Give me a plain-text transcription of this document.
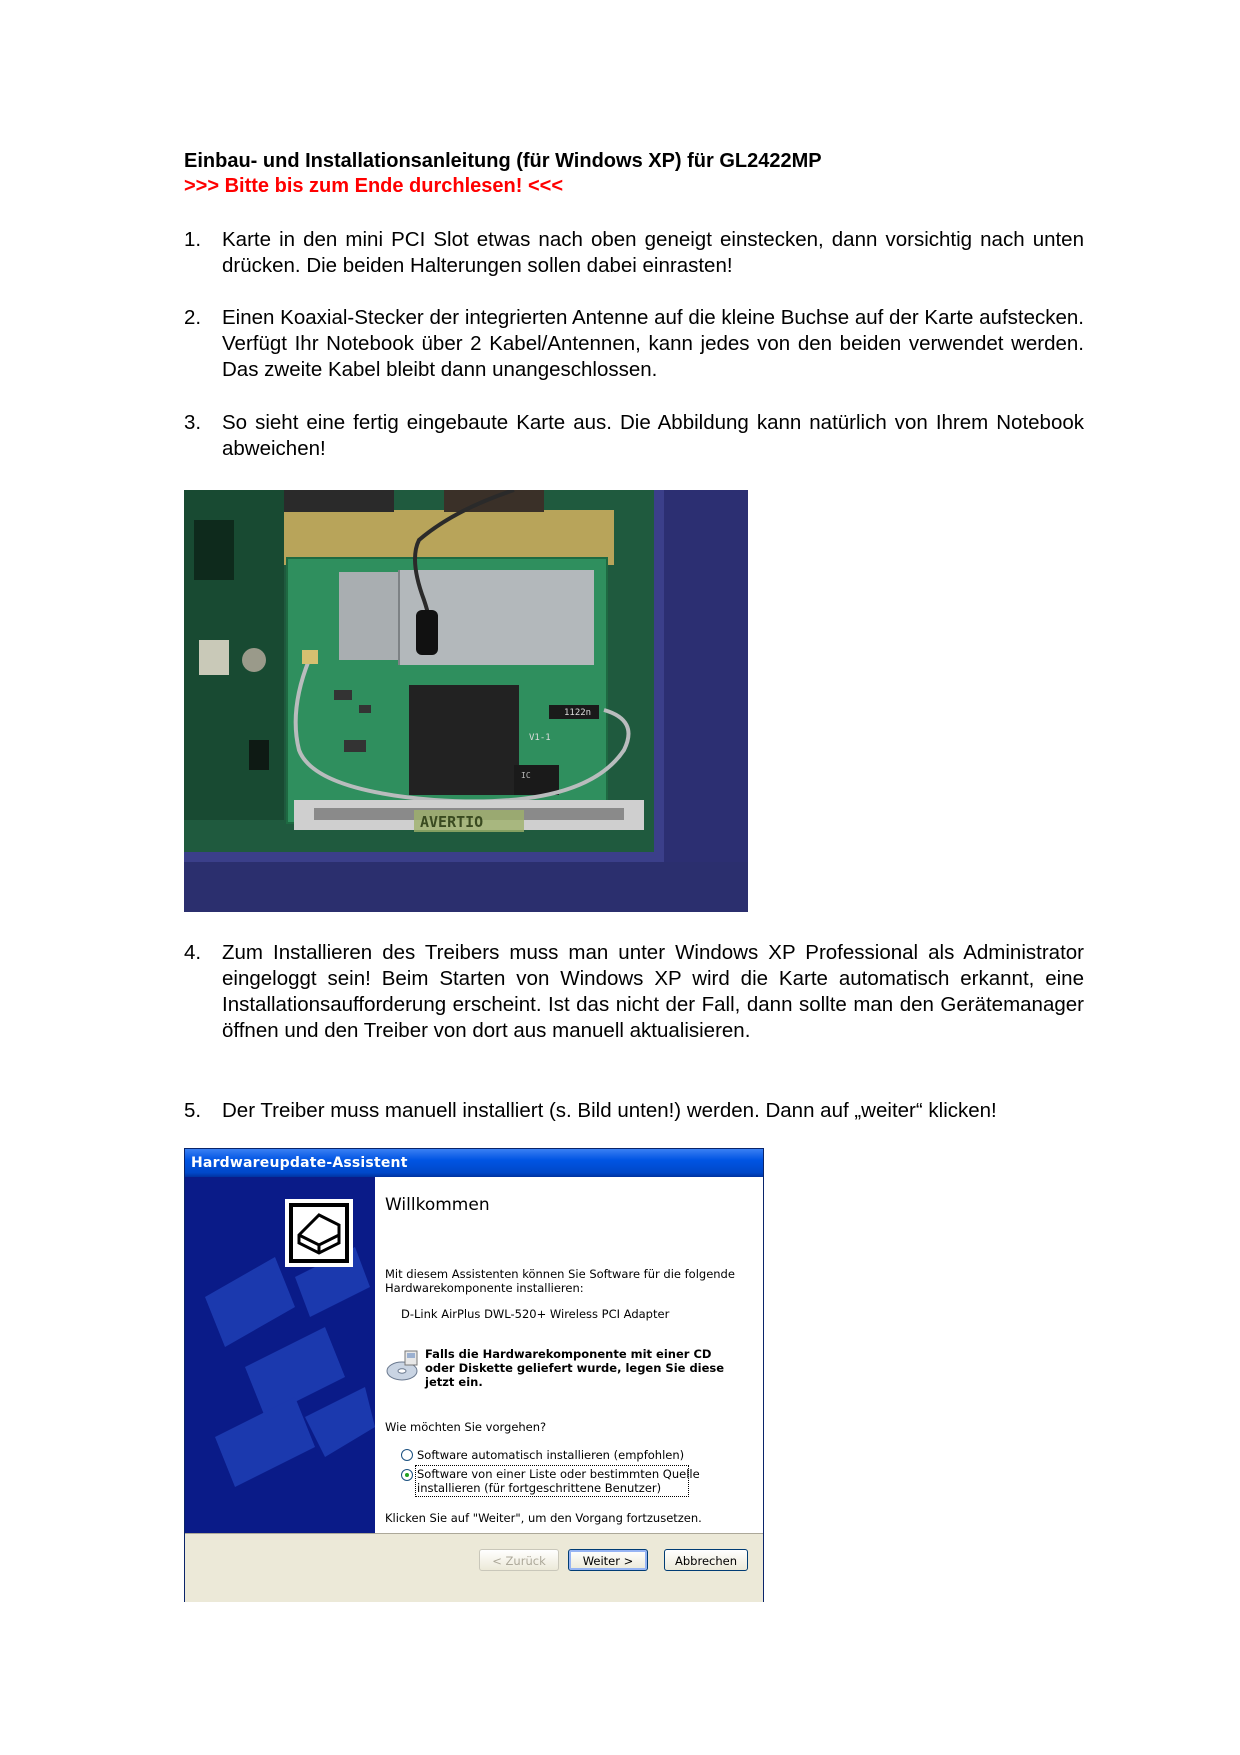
Einbau- und Installationsanleitung (für Windows XP) für GL2422MP
>>> Bitte bis zum Ende durchlesen! <<<
1. Karte in den mini PCI Slot etwas nach oben geneigt einstecken, dann vorsichtig nach unten drücken. Die beiden Halterungen sollen dabei einrasten!
2. Einen Koaxial-Stecker der integrierten Antenne auf die kleine Buchse auf der Karte aufstecken. Verfügt Ihr Notebook über 2 Kabel/Antennen, kann jedes von den beiden verwendet werden. Das zweite Kabel bleibt dann unangeschlossen.
3. So sieht eine fertig eingebaute Karte aus. Die Abbildung kann natürlich von Ihrem Notebook abweichen!
IC
1122n
V1-1
AVERTIO
4. Zum Installieren des Treibers muss man unter Windows XP Professional als Administrator eingeloggt sein! Beim Starten von Windows XP wird die Karte automatisch erkannt, eine Installationsaufforderung erscheint. Ist das nicht der Fall, dann sollte man den Gerätemanager öffnen und den Treiber von dort aus manuell aktualisieren.
5. Der Treiber muss manuell installiert (s. Bild unten!) werden. Dann auf „weiter“ klicken!
Hardwareupdate-Assistent
Willkommen
Mit diesem Assistenten können Sie Software für die folgende
Hardwarekomponente installieren:
D-Link AirPlus DWL-520+ Wireless PCI Adapter
Falls die Hardwarekomponente mit einer CD
oder Diskette geliefert wurde, legen Sie diese
jetzt ein.
Wie möchten Sie vorgehen?
Software automatisch installieren (empfohlen)
Software von einer Liste oder bestimmten Quelle
installieren (für fortgeschrittene Benutzer)
Klicken Sie auf "Weiter", um den Vorgang fortzusetzen.
< Zurück	Weiter >	Abbrechen
